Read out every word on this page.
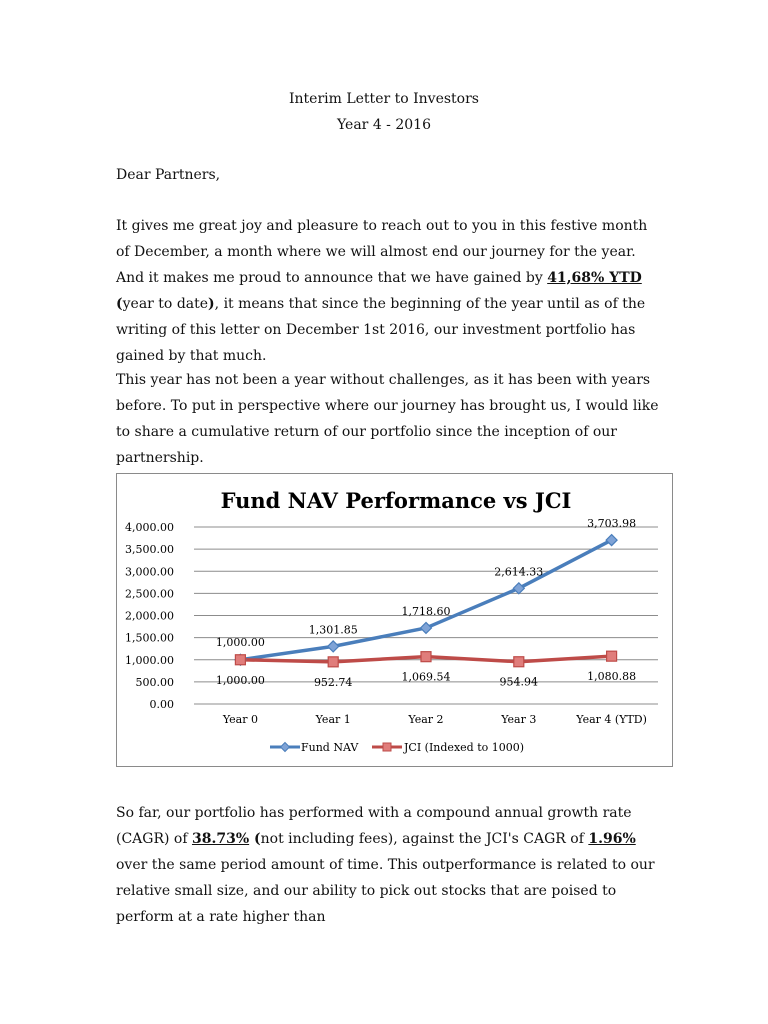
Interim Letter to Investors
Year 4 - 2016
Dear Partners,
It gives me great joy and pleasure to reach out to you in this festive month of December, a month where we will almost end our journey for the year. And it makes me proud to announce that we have gained by 41,68% YTD (year to date), it means that since the beginning of the year until as of the writing of this letter on December 1st 2016, our investment portfolio has gained by that much.
This year has not been a year without challenges, as it has been with years before. To put in perspective where our journey has brought us, I would like to share a cumulative return of our portfolio since the inception of our partnership.
Fund NAV Performance vs JCI
0.00
500.00
1,000.00
1,500.00
2,000.00
2,500.00
3,000.00
3,500.00
4,000.00
Year 0	Year 1	Year 2	Year 3	Year 4 (YTD)
1,000.00
1,301.85
1,718.60
2,614.33
3,703.98
1,000.00	952.74	1,069.54	954.94	1,080.88
Fund NAV	JCI (Indexed to 1000)
So far, our portfolio has performed with a compound annual growth rate (CAGR) of 38.73% (not including fees), against the JCI's CAGR of 1.96% over the same period amount of time. This outperformance is related to our relative small size, and our ability to pick out stocks that are poised to perform at a rate higher than
